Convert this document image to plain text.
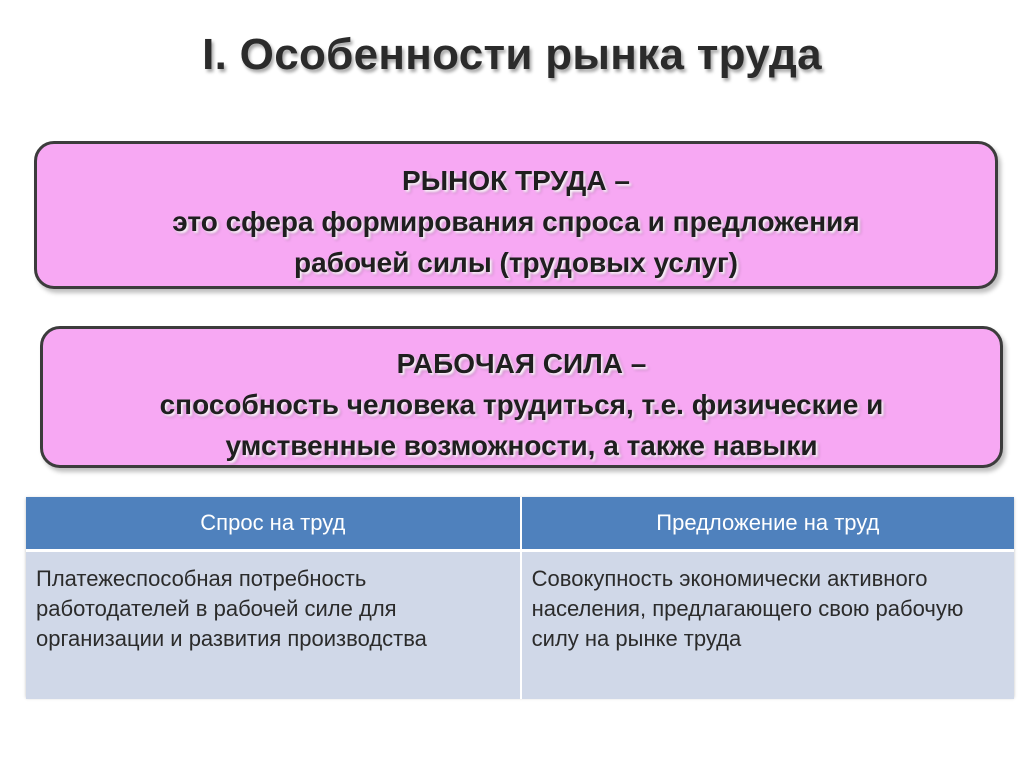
I. Особенности рынка труда
РЫНОК ТРУДА –
это сфера формирования спроса и предложения
рабочей силы (трудовых услуг)
РАБОЧАЯ СИЛА –
способность человека трудиться, т.е. физические и
умственные возможности, а также навыки
Спрос на труд	Предложение на труд
Платежеспособная потребность работодателей в рабочей силе для организации и развития производства	Совокупность экономически активного населения, предлагающего свою рабочую силу на рынке труда
